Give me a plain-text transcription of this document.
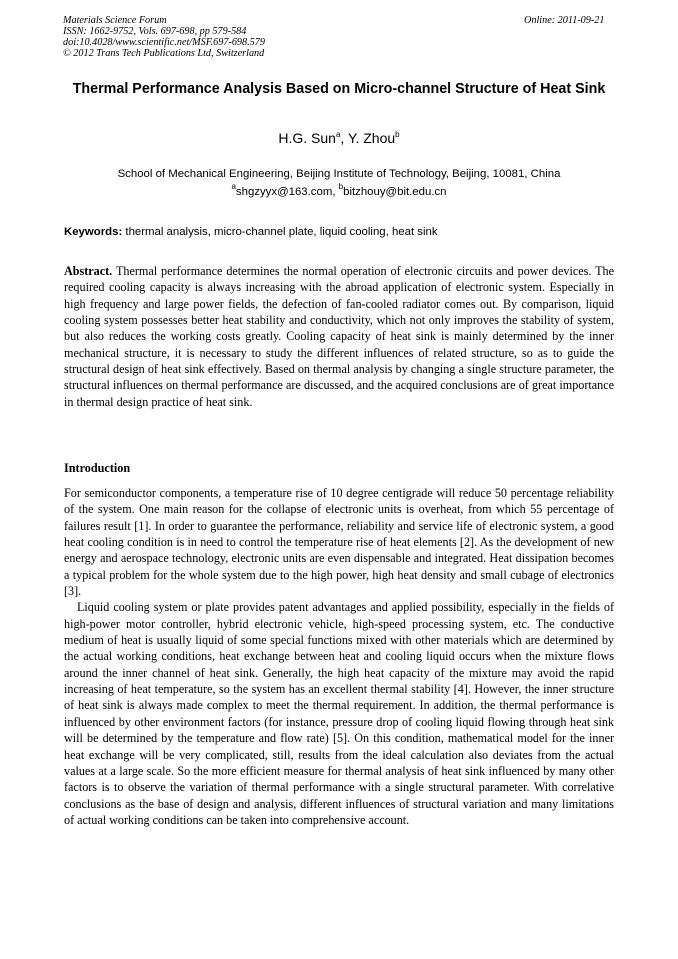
Materials Science Forum
ISSN: 1662-9752, Vols. 697-698, pp 579-584
doi:10.4028/www.scientific.net/MSF.697-698.579
© 2012 Trans Tech Publications Ltd, Switzerland
Online: 2011-09-21
Thermal Performance Analysis Based on Micro-channel Structure of Heat Sink
H.G. Sun$^a$, Y. Zhou$^b$
School of Mechanical Engineering, Beijing Institute of Technology, Beijing, 10081, China
$^a$shgzyyx@163.com, $^b$bitzhouy@bit.edu.cn
Keywords: thermal analysis, micro-channel plate, liquid cooling, heat sink
Abstract. Thermal performance determines the normal operation of electronic circuits and power devices. The required cooling capacity is always increasing with the abroad application of electronic system. Especially in high frequency and large power fields, the defection of fan-cooled radiator comes out. By comparison, liquid cooling system possesses better heat stability and conductivity, which not only improves the stability of system, but also reduces the working costs greatly. Cooling capacity of heat sink is mainly determined by the inner mechanical structure, it is necessary to study the different influences of related structure, so as to guide the structural design of heat sink effectively. Based on thermal analysis by changing a single structure parameter, the structural influences on thermal performance are discussed, and the acquired conclusions are of great importance in thermal design practice of heat sink.
Introduction

For semiconductor components, a temperature rise of 10 degree centigrade will reduce 50 percentage reliability of the system. One main reason for the collapse of electronic units is overheat, from which 55 percentage of failures result [1]. In order to guarantee the performance, reliability and service life of electronic system, a good heat cooling condition is in need to control the temperature rise of heat elements [2]. As the development of new energy and aerospace technology, electronic units are even dispensable and integrated. Heat dissipation becomes a typical problem for the whole system due to the high power, high heat density and small cubage of electronics [3].

Liquid cooling system or plate provides patent advantages and applied possibility, especially in the fields of high-power motor controller, hybrid electronic vehicle, high-speed processing system, etc. The conductive medium of heat is usually liquid of some special functions mixed with other materials which are determined by the actual working conditions, heat exchange between heat and cooling liquid occurs when the mixture flows around the inner channel of heat sink. Generally, the high heat capacity of the mixture may avoid the rapid increasing of heat temperature, so the system has an excellent thermal stability [4]. However, the inner structure of heat sink is always made complex to meet the thermal requirement. In addition, the thermal performance is influenced by other environment factors (for instance, pressure drop of cooling liquid flowing through heat sink will be determined by the temperature and flow rate) [5]. On this condition, mathematical model for the inner heat exchange will be very complicated, still, results from the ideal calculation also deviates from the actual values at a large scale. So the more efficient measure for thermal analysis of heat sink influenced by many other factors is to observe the variation of thermal performance with a single structural parameter. With correlative conclusions as the base of design and analysis, different influences of structural variation and many limitations of actual working conditions can be taken into comprehensive account.
